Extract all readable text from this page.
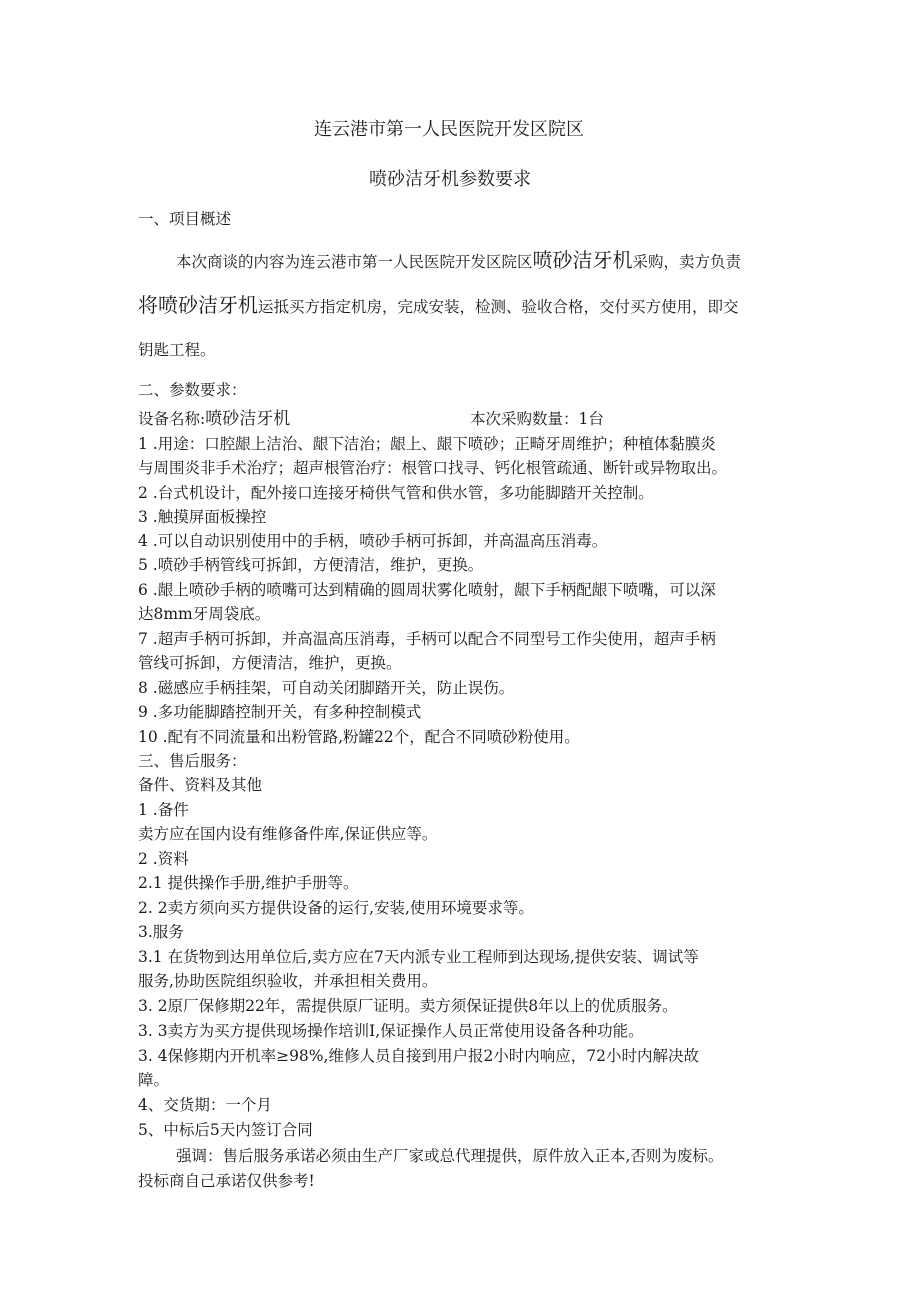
连云港市第一人民医院开发区院区
喷砂洁牙机参数要求
一、项目概述
本次商谈的内容为连云港市第一人民医院开发区院区喷砂洁牙机采购，卖方负责
将喷砂洁牙机运抵买方指定机房，完成安装，检测、验收合格，交付买方使用，即交
钥匙工程。
二、参数要求：
设备名称:喷砂洁牙机	本次采购数量：1台
1 .用途：口腔龈上洁治、龈下洁治；龈上、龈下喷砂；正畸牙周维护；种植体黏膜炎
与周围炎非手术治疗；超声根管治疗：根管口找寻、钙化根管疏通、断针或异物取出。
2 .台式机设计，配外接口连接牙椅供气管和供水管，多功能脚踏开关控制。
3 .触摸屏面板操控
4 .可以自动识别使用中的手柄，喷砂手柄可拆卸，并高温高压消毒。
5 .喷砂手柄管线可拆卸，方便清洁，维护，更换。
6 .龈上喷砂手柄的喷嘴可达到精确的圆周状雾化喷射，龈下手柄配龈下喷嘴，可以深
达8mm牙周袋底。
7 .超声手柄可拆卸，并高温高压消毒，手柄可以配合不同型号工作尖使用，超声手柄
管线可拆卸，方便清洁，维护，更换。
8 .磁感应手柄挂架，可自动关闭脚踏开关，防止误伤。
9 .多功能脚踏控制开关，有多种控制模式
10 .配有不同流量和出粉管路,粉罐22个，配合不同喷砂粉使用。
三、售后服务：
备件、资料及其他
1 .备件
卖方应在国内设有维修备件库,保证供应等。
2 .资料
2.1 提供操作手册,维护手册等。
2. 2卖方须向买方提供设备的运行,安装,使用环境要求等。
3.服务
3.1 在货物到达用单位后,卖方应在7天内派专业工程师到达现场,提供安装、调试等
服务,协助医院组织验收，并承担相关费用。
3. 2原厂保修期22年，需提供原厂证明。卖方须保证提供8年以上的优质服务。
3. 3卖方为买方提供现场操作培训I,保证操作人员正常使用设备各种功能。
3. 4保修期内开机率≥98%,维修人员自接到用户报2小时内响应，72小时内解决故
障。
4、交货期：一个月
5、中标后5天内签订合同
强调：售后服务承诺必须由生产厂家或总代理提供，原件放入正本,否则为废标。
投标商自己承诺仅供参考!
